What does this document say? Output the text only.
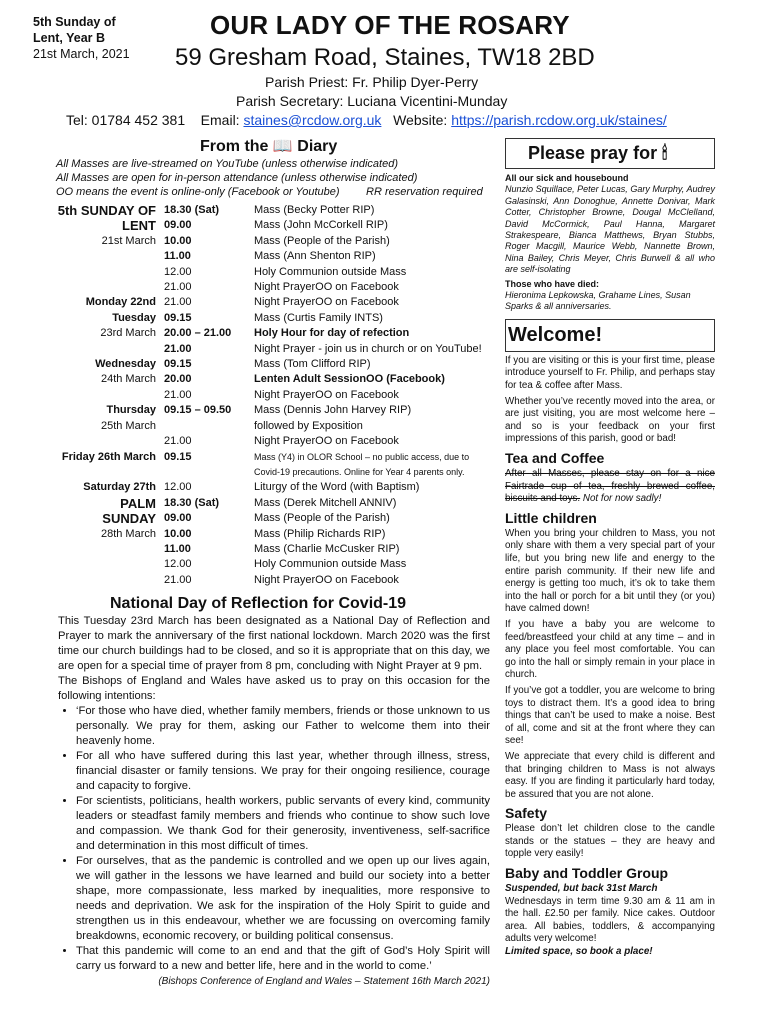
5th Sunday of
Lent, Year B
21st March, 2021
OUR LADY OF THE ROSARY
59 Gresham Road, Staines, TW18 2BD
Parish Priest: Fr. Philip Dyer-Perry
Parish Secretary: Luciana Vicentini-Munday
Tel: 01784 452 381 Email: staines@rcdow.org.uk Website: https://parish.rcdow.org.uk/staines/
From the 📖 Diary
All Masses are live-streamed on YouTube (unless otherwise indicated)
All Masses are open for in-person attendance (unless otherwise indicated)
OO means the event is online-only (Facebook or Youtube) RR reservation required
5th SUNDAY OF	18.30 (Sat)	Mass (Becky Potter RIP)
LENT	09.00	Mass (John McCorkell RIP)
21st March	10.00	Mass (People of the Parish)
	11.00	Mass (Ann Shenton RIP)
	12.00	Holy Communion outside Mass
	21.00	Night PrayerOO on Facebook
Monday 22nd	21.00	Night PrayerOO on Facebook
Tuesday	09.15	Mass (Curtis Family INTS)
23rd March	20.00 – 21.00	Holy Hour for day of refection
	21.00	Night Prayer - join us in church or on YouTube!
Wednesday	09.15	Mass (Tom Clifford RIP)
24th March	20.00	Lenten Adult SessionOO (Facebook)
	21.00	Night PrayerOO on Facebook
Thursday	09.15 – 09.50	Mass (Dennis John Harvey RIP)
25th March		followed by Exposition
	21.00	Night PrayerOO on Facebook
Friday 26th March	09.15	Mass (Y4) in OLOR School – no public access, due to
		Covid-19 precautions. Online for Year 4 parents only.
Saturday 27th	12.00	Liturgy of the Word (with Baptism)
PALM	18.30 (Sat)	Mass (Derek Mitchell ANNIV)
SUNDAY	09.00	Mass (People of the Parish)
28th March	10.00	Mass (Philip Richards RIP)
	11.00	Mass (Charlie McCusker RIP)
	12.00	Holy Communion outside Mass
	21.00	Night PrayerOO on Facebook
National Day of Reflection for Covid-19

This Tuesday 23rd March has been designated as a National Day of Reflection and Prayer to mark the anniversary of the first national lockdown. March 2020 was the first time our church buildings had to be closed, and so it is appropriate that on this day, we are open for a special time of prayer from 8 pm, concluding with Night Prayer at 9 pm.

The Bishops of England and Wales have asked us to pray on this occasion for the following intentions:

• ‘For those who have died, whether family members, friends or those unknown to us personally. We pray for them, asking our Father to welcome them into their heavenly home.
• For all who have suffered during this last year, whether through illness, stress, financial disaster or family tensions. We pray for their ongoing resilience, courage and capacity to forgive.
• For scientists, politicians, health workers, public servants of every kind, community leaders or steadfast family members and friends who continue to show such love and compassion. We thank God for their generosity, inventiveness, self-sacrifice and determination in this most difficult of times.
• For ourselves, that as the pandemic is controlled and we open up our lives again, we will gather in the lessons we have learned and build our society into a better shape, more compassionate, less marked by inequalities, more responsive to needs and deprivation. We ask for the inspiration of the Holy Spirit to guide and strengthen us in this endeavour, whether we are focussing on overcoming family breakdowns, economic recovery, or building political consensus.
• That this pandemic will come to an end and that the gift of God’s Holy Spirit will carry us forward to a new and better life, here and in the world to come.’

(Bishops Conference of England and Wales – Statement 16th March 2021)

Please pray for 🕯
All our sick and housebound
Nunzio Squillace, Peter Lucas, Gary Murphy, Audrey Galasinski, Ann Donoghue, Annette Donivar, Mark Cotter, Christopher Browne, Dougal McClelland, David McCormick, Paul Hanna, Margaret Strakespeare, Bianca Matthews, Bryan Stubbs, Roger Macgill, Maurice Webb, Nannette Brown, Nina Bailey, Chris Meyer, Chris Burwell & all who are self-isolating
Those who have died:
Hieronima Lepkowska, Grahame Lines, Susan Sparks & all anniversaries.
Welcome!

If you are visiting or this is your first time, please introduce yourself to Fr. Philip, and perhaps stay for tea & coffee after Mass.

Whether you’ve recently moved into the area, or are just visiting, you are most welcome here – and so is your feedback on your first impressions of this parish, good or bad!

Tea and Coffee
After all Masses, please stay on for a nice Fairtrade cup of tea, freshly brewed coffee, biscuits and toys. Not for now sadly!
Little children

When you bring your children to Mass, you not only share with them a very special part of your life, but you bring new life and energy to the entire parish community. If their new life and energy is getting too much, it’s ok to take them into the hall or porch for a bit until they (or you) have calmed down!

If you have a baby you are welcome to feed/breastfeed your child at any time – and in any place you feel most comfortable. You can go into the hall or simply remain in your place in church.

If you’ve got a toddler, you are welcome to bring toys to distract them. It’s a good idea to bring things that can’t be used to make a noise. Best of all, come and sit at the front where they can see!

We appreciate that every child is different and that bringing children to Mass is not always easy. If you are finding it particularly hard today, be assured that you are not alone.

Safety
Please don’t let children close to the candle stands or the statues – they are heavy and topple very easily!
Baby and Toddler Group
Suspended, but back 31st March
Wednesdays in term time 9.30 am & 11 am in the hall. £2.50 per family. Nice cakes. Outdoor area. All babies, toddlers, & accompanying adults very welcome!
Limited space, so book a place!
